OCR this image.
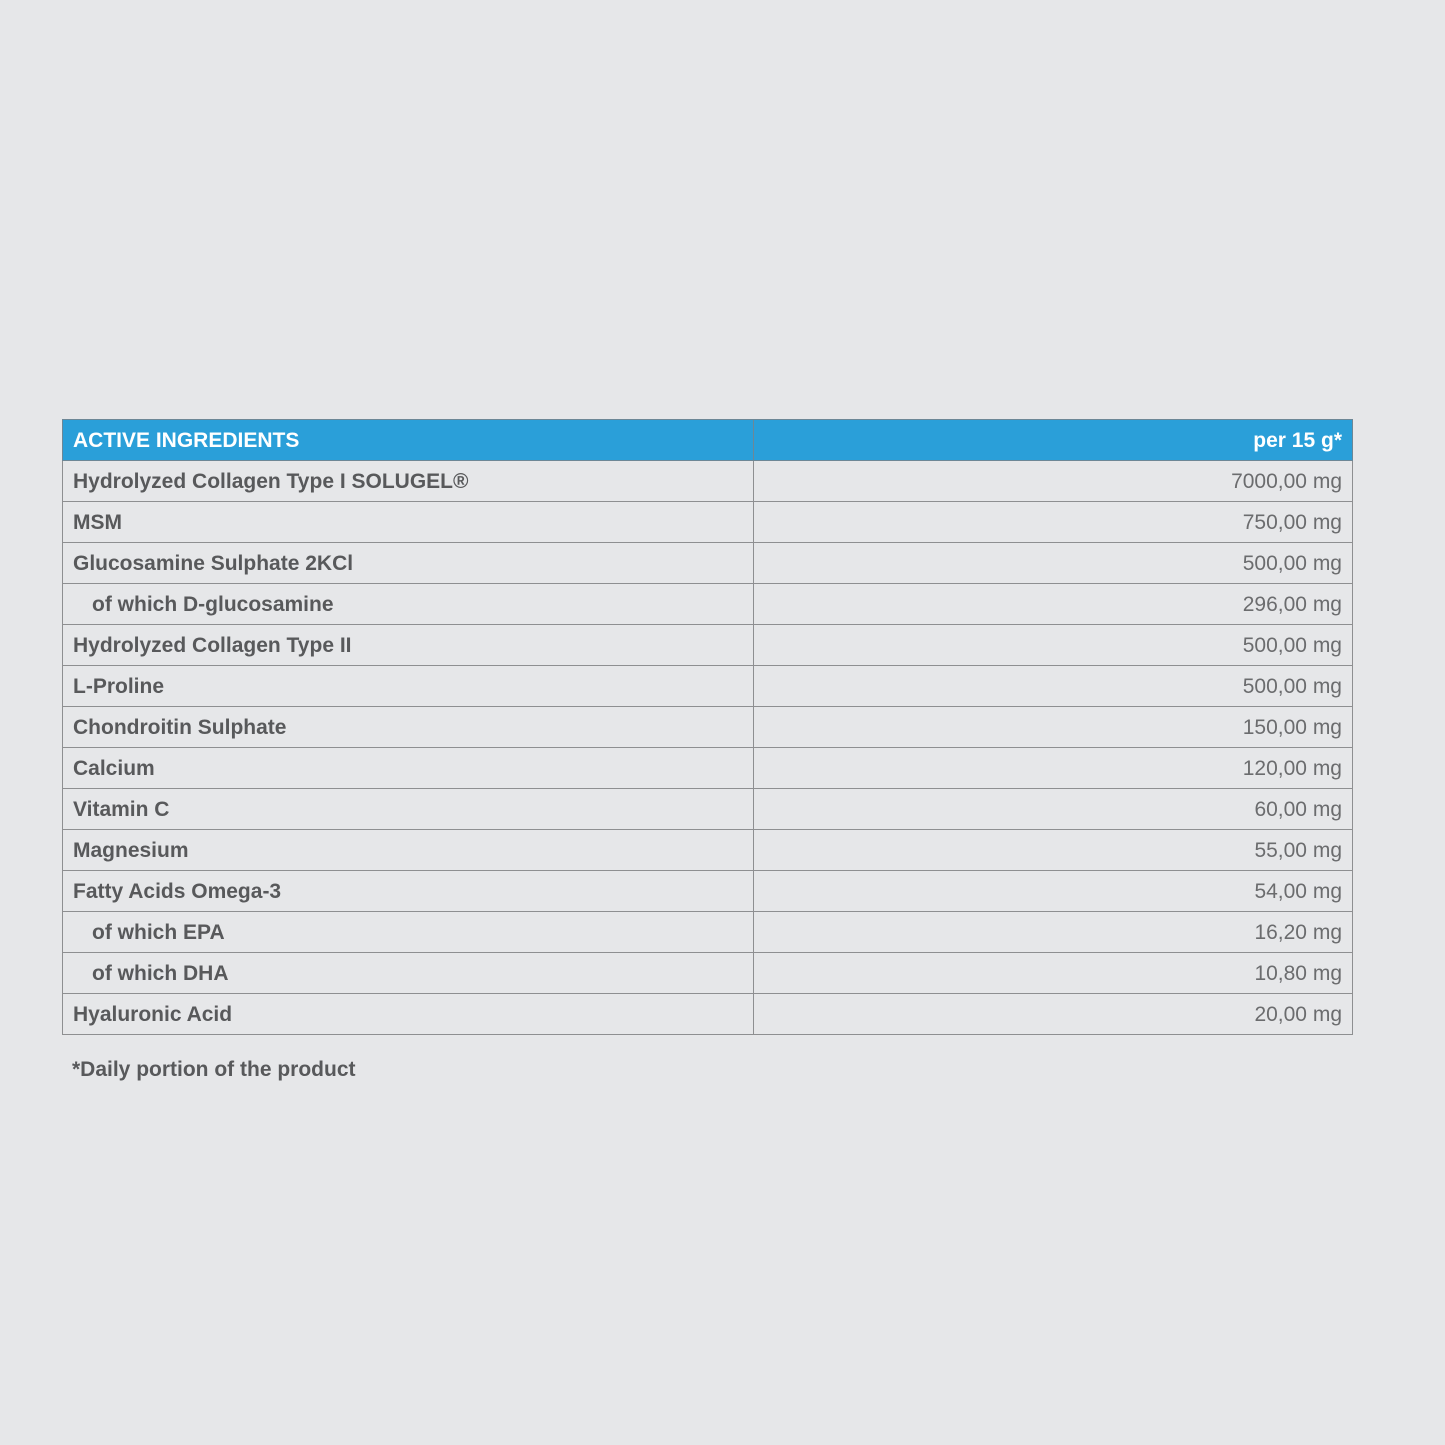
ACTIVE INGREDIENTS	per 15 g*
Hydrolyzed Collagen Type I SOLUGEL®	7000,00 mg
MSM	750,00 mg
Glucosamine Sulphate 2KCl	500,00 mg
of which D-glucosamine	296,00 mg
Hydrolyzed Collagen Type II	500,00 mg
L-Proline	500,00 mg
Chondroitin Sulphate	150,00 mg
Calcium	120,00 mg
Vitamin C	60,00 mg
Magnesium	55,00 mg
Fatty Acids Omega-3	54,00 mg
of which EPA	16,20 mg
of which DHA	10,80 mg
Hyaluronic Acid	20,00 mg
*Daily portion of the product
